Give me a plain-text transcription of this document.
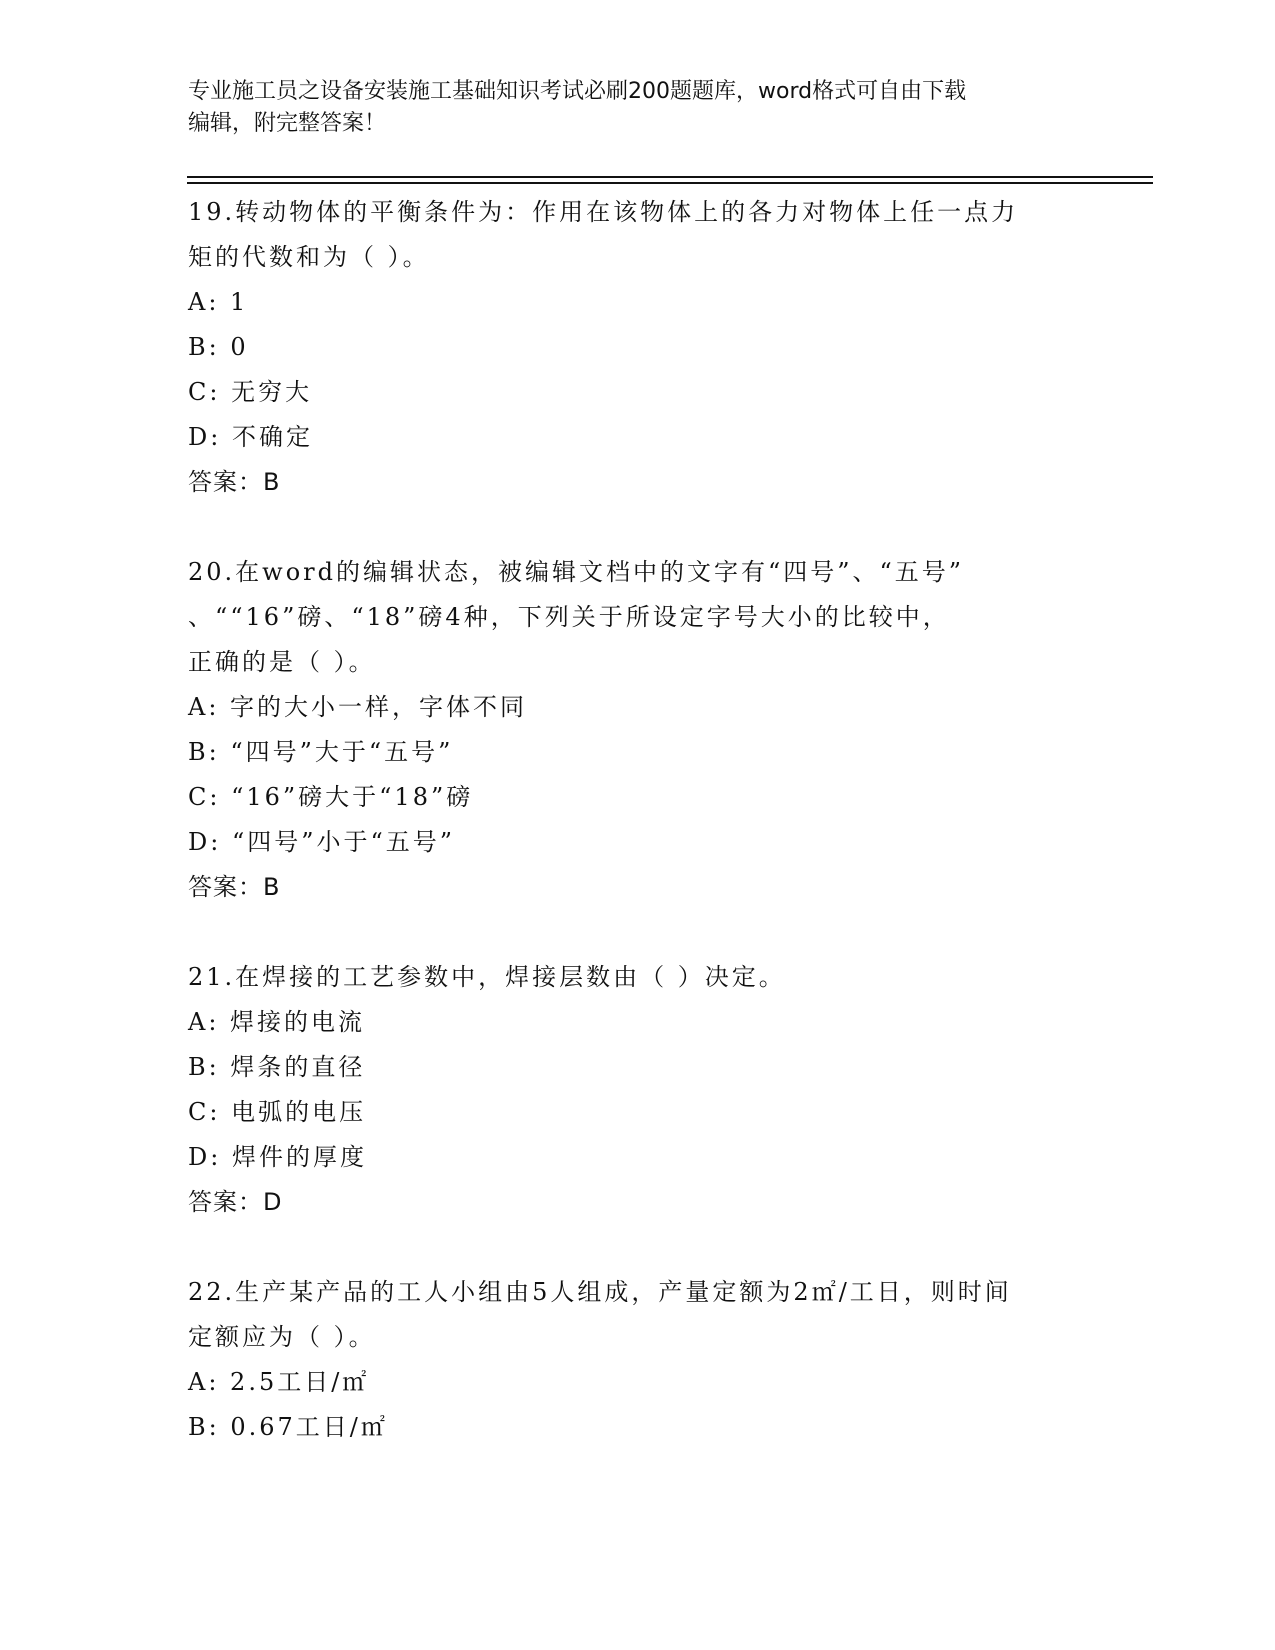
专业施工员之设备安装施工基础知识考试必刷200题题库，word格式可自由下载
编辑，附完整答案！
19.转动物体的平衡条件为：作用在该物体上的各力对物体上任一点力
矩的代数和为（ ）。
A: 1
B: 0
C: 无穷大
D: 不确定
答案：B
20.在word的编辑状态，被编辑文档中的文字有“四号”、“五号”
、““16”磅、“18”磅4种，下列关于所设定字号大小的比较中，
正确的是（ ）。
A: 字的大小一样，字体不同
B: “四号”大于“五号”
C: “16”磅大于“18”磅
D: “四号”小于“五号”
答案：B
21.在焊接的工艺参数中，焊接层数由（ ）决定。
A: 焊接的电流
B: 焊条的直径
C: 电弧的电压
D: 焊件的厚度
答案：D
22.生产某产品的工人小组由5人组成，产量定额为2㎡/工日，则时间
定额应为（ ）。
A: 2.5工日/㎡
B: 0.67工日/㎡
